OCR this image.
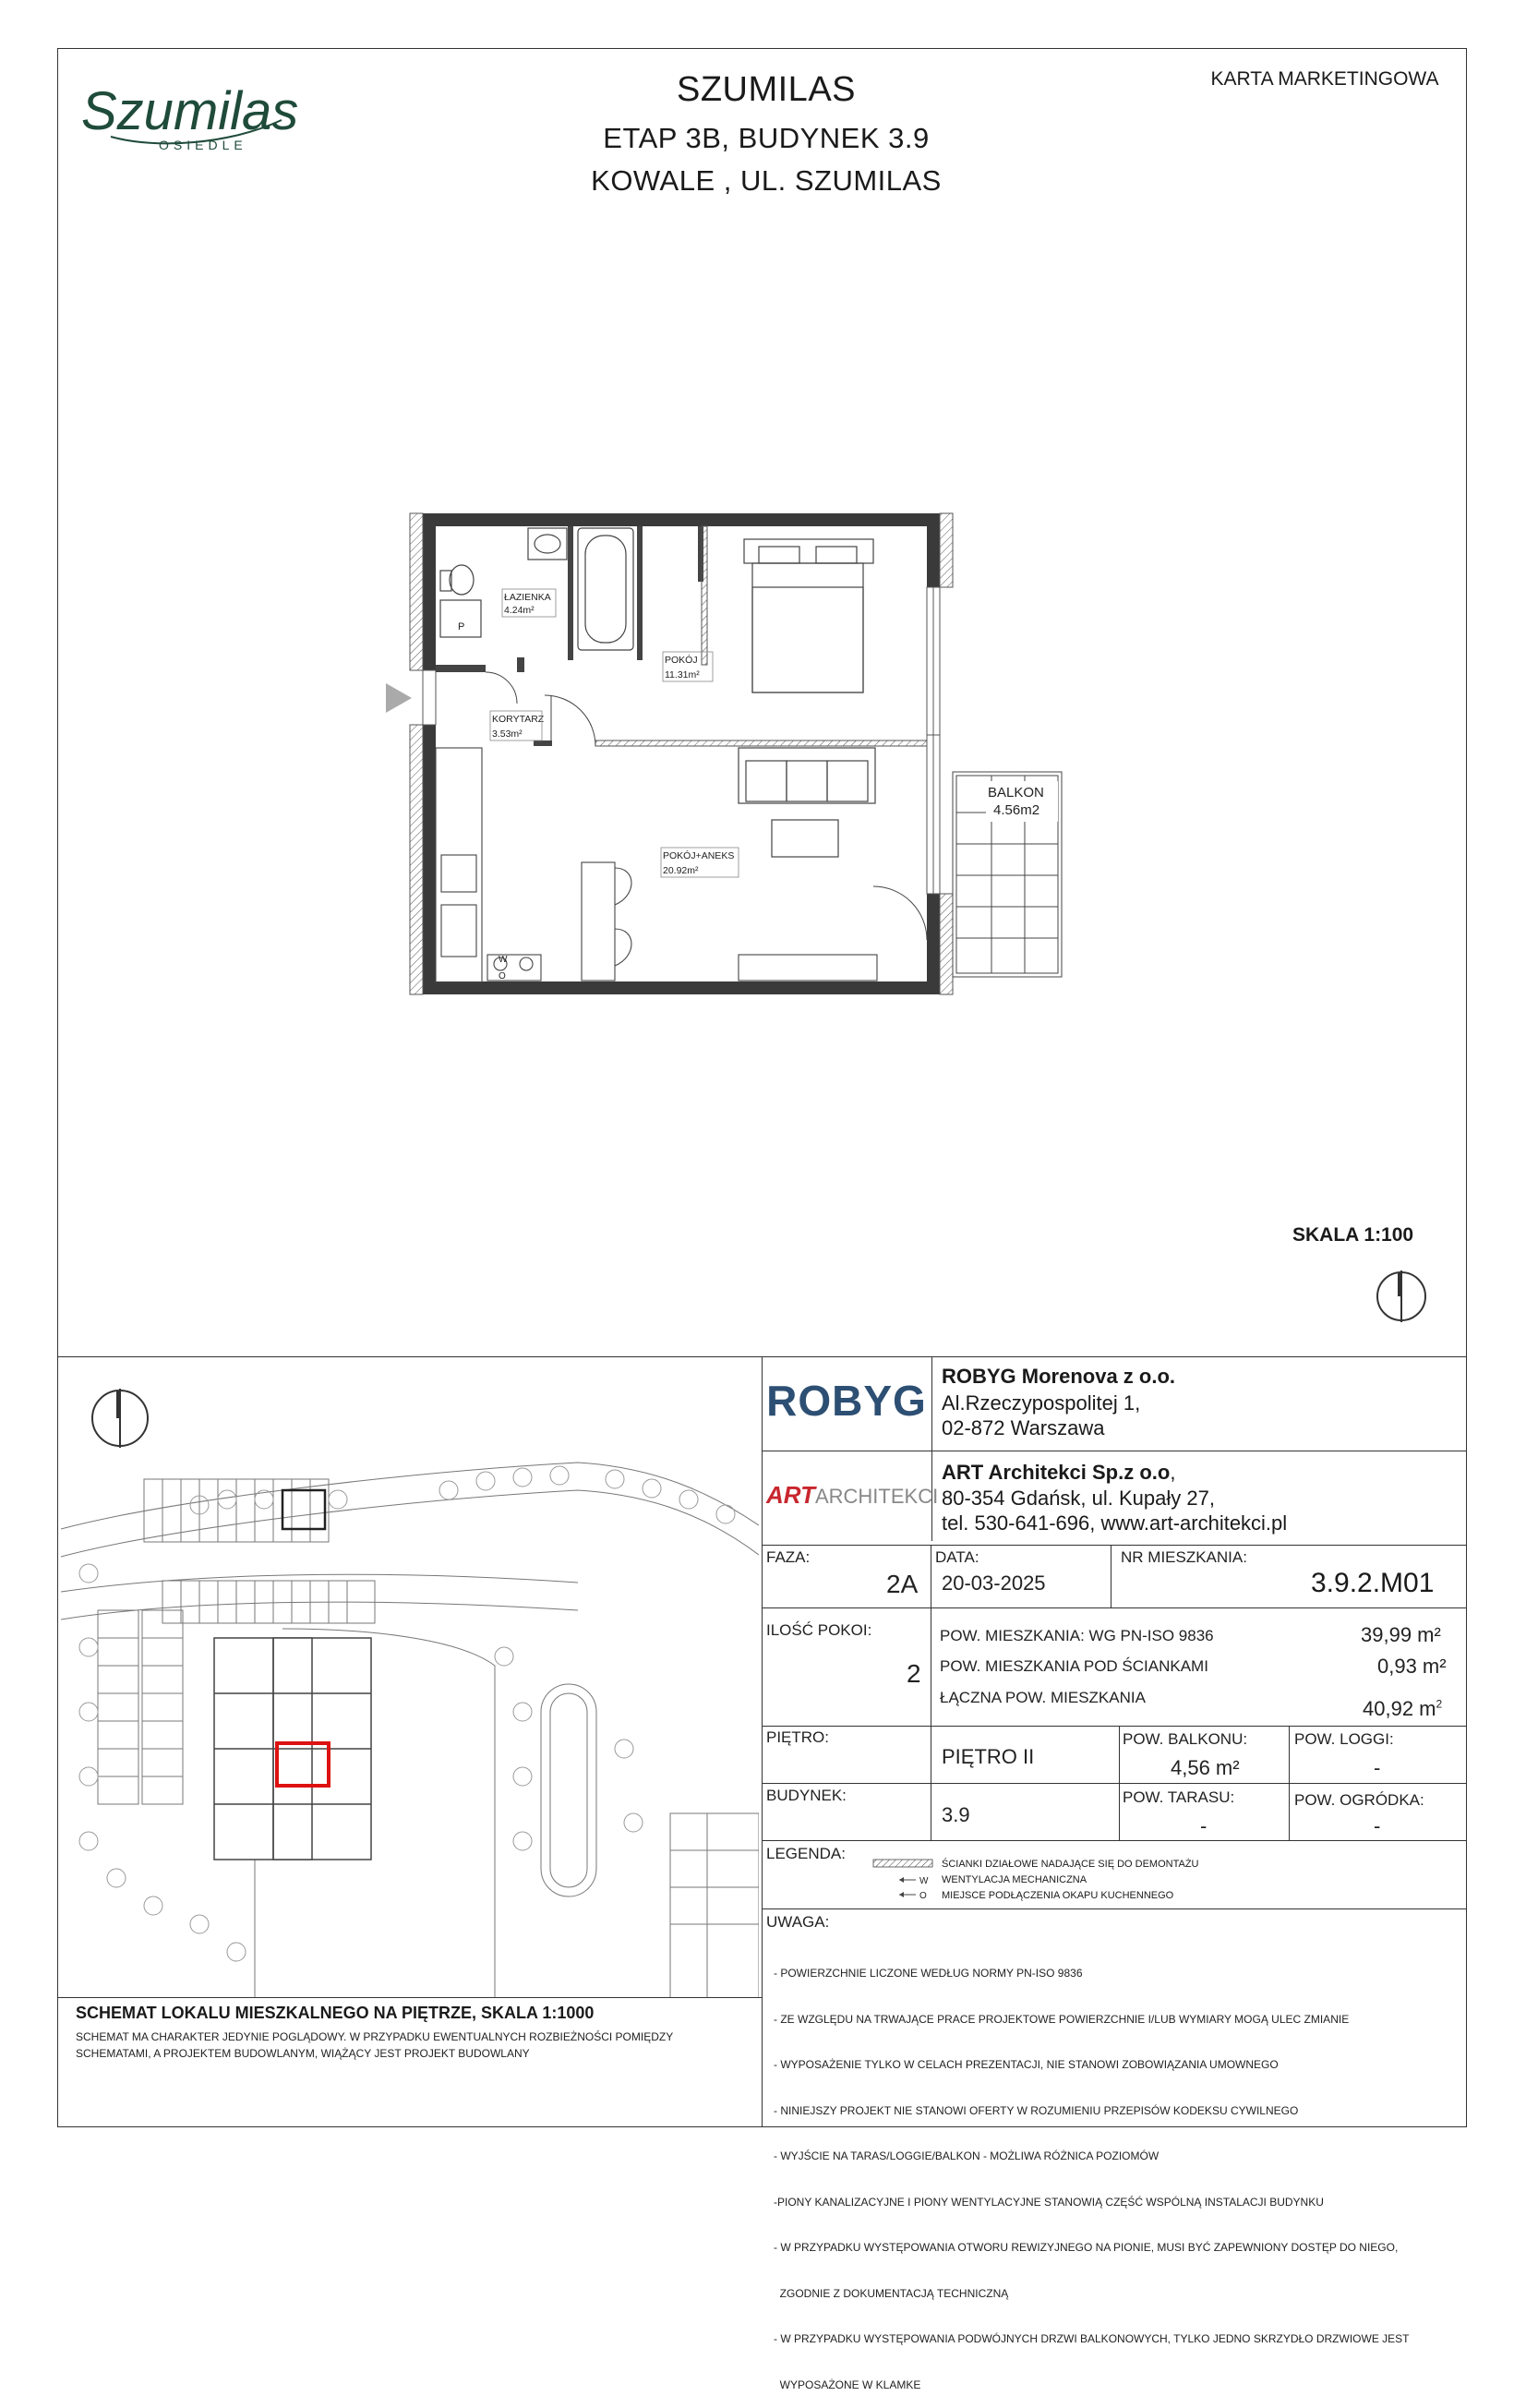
Szumilas
OSIEDLE
SZUMILAS
ETAP 3B, BUDYNEK 3.9
KOWALE , UL. SZUMILAS
KARTA MARKETINGOWA
ŁAZIENKA
4.24m²
POKÓJ
11.31m²
KORYTARZ
3.53m²
POKÓJ+ANEKS
20.92m²
P
W
O
BALKON
4.56m2
SKALA 1:100
SCHEMAT LOKALU MIESZKALNEGO NA PIĘTRZE, SKALA 1:1000
SCHEMAT MA CHARAKTER JEDYNIE POGLĄDOWY. W PRZYPADKU EWENTUALNYCH ROZBIEŻNOŚCI POMIĘDZY
SCHEMATAMI, A PROJEKTEM BUDOWLANYM, WIĄŻĄCY JEST PROJEKT BUDOWLANY
ROBYG
ROBYG Morenova z o.o.
Al.Rzeczypospolitej 1,
02-872 Warszawa
ARTARCHITEKCI
ART Architekci Sp.z o.o,
80-354 Gdańsk, ul. Kupały 27,
tel. 530-641-696, www.art-architekci.pl
FAZA:
2A
DATA:
20-03-2025
NR MIESZKANIA:
3.9.2.M01
ILOŚĆ POKOI:
2
POW. MIESZKANIA: WG PN-ISO 9836	39,99 m²
POW. MIESZKANIA POD ŚCIANKAMI	0,93 m²
ŁĄCZNA POW. MIESZKANIA	40,92 $m^2$
PIĘTRO:
PIĘTRO II
POW. BALKONU:
4,56 m²
POW. LOGGI:
-
BUDYNEK:
3.9
POW. TARASU:
-
POW. OGRÓDKA:
-
LEGENDA:
W
O
ŚCIANKI DZIAŁOWE NADAJĄCE SIĘ DO DEMONTAŻU
WENTYLACJA MECHANICZNA
MIEJSCE PODŁĄCZENIA OKAPU KUCHENNEGO
UWAGA:

- POWIERZCHNIE LICZONE WEDŁUG NORMY PN-ISO 9836

- ZE WZGLĘDU NA TRWAJĄCE PRACE PROJEKTOWE POWIERZCHNIE I/LUB WYMIARY MOGĄ ULEC ZMIANIE

- WYPOSAŻENIE TYLKO W CELACH PREZENTACJI, NIE STANOWI ZOBOWIĄZANIA UMOWNEGO

- NINIEJSZY PROJEKT NIE STANOWI OFERTY W ROZUMIENIU PRZEPISÓW KODEKSU CYWILNEGO

- WYJŚCIE NA TARAS/LOGGIE/BALKON - MOŻLIWA RÓŻNICA POZIOMÓW

-PIONY KANALIZACYJNE I PIONY WENTYLACYJNE STANOWIĄ CZĘŚĆ WSPÓLNĄ INSTALACJI BUDYNKU

- W PRZYPADKU WYSTĘPOWANIA OTWORU REWIZYJNEGO NA PIONIE, MUSI BYĆ ZAPEWNIONY DOSTĘP DO NIEGO,

ZGODNIE Z DOKUMENTACJĄ TECHNICZNĄ

- W PRZYPADKU WYSTĘPOWANIA PODWÓJNYCH DRZWI BALKONOWYCH, TYLKO JEDNO SKRZYDŁO DRZWIOWE JEST

WYPOSAŻONE W KLAMKE
